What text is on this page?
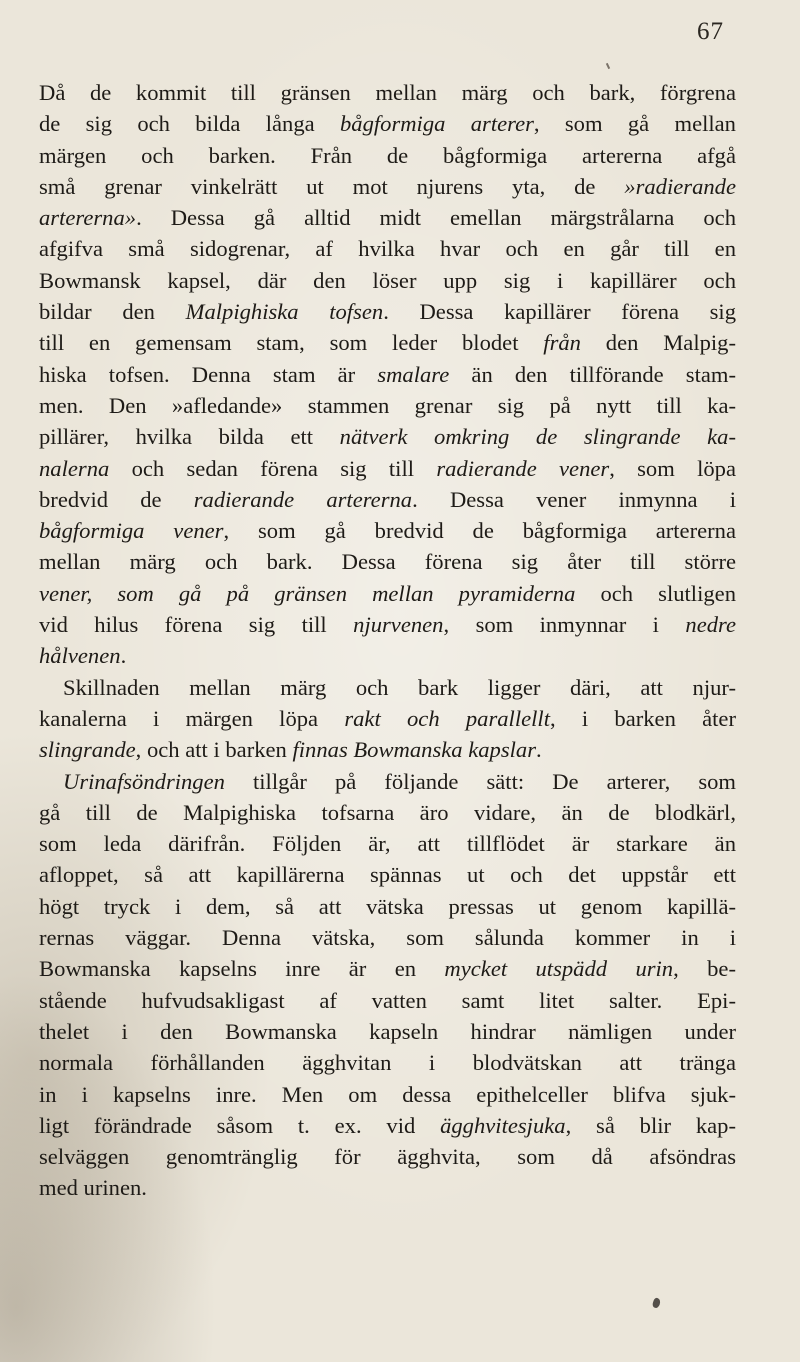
67
Då de kommit till gränsen mellan märg och bark, förgrena
de sig och bilda långa bågformiga arterer, som gå mellan
märgen och barken. Från de bågformiga artererna afgå
små grenar vinkelrätt ut mot njurens yta, de »radierande
artererna». Dessa gå alltid midt emellan märgstrålarna och
afgifva små sidogrenar, af hvilka hvar och en går till en
Bowmansk kapsel, där den löser upp sig i kapillärer och
bildar den Malpighiska tofsen. Dessa kapillärer förena sig
till en gemensam stam, som leder blodet från den Malpig-
hiska tofsen. Denna stam är smalare än den tillförande stam-
men. Den »afledande» stammen grenar sig på nytt till ka-
pillärer, hvilka bilda ett nätverk omkring de slingrande ka-
nalerna och sedan förena sig till radierande vener, som löpa
bredvid de radierande artererna. Dessa vener inmynna i
bågformiga vener, som gå bredvid de bågformiga artererna
mellan märg och bark. Dessa förena sig åter till större
vener, som gå på gränsen mellan pyramiderna och slutligen
vid hilus förena sig till njurvenen, som inmynnar i nedre
hålvenen.
Skillnaden mellan märg och bark ligger däri, att njur-
kanalerna i märgen löpa rakt och parallellt, i barken åter
slingrande, och att i barken finnas Bowmanska kapslar.
Urinafsöndringen tillgår på följande sätt: De arterer, som
gå till de Malpighiska tofsarna äro vidare, än de blodkärl,
som leda därifrån. Följden är, att tillflödet är starkare än
afloppet, så att kapillärerna spännas ut och det uppstår ett
högt tryck i dem, så att vätska pressas ut genom kapillä-
rernas väggar. Denna vätska, som sålunda kommer in i
Bowmanska kapselns inre är en mycket utspädd urin, be-
stående hufvudsakligast af vatten samt litet salter. Epi-
thelet i den Bowmanska kapseln hindrar nämligen under
normala förhållanden ägghvitan i blodvätskan att tränga
in i kapselns inre. Men om dessa epithelceller blifva sjuk-
ligt förändrade såsom t. ex. vid ägghvitesjuka, så blir kap-
selväggen genomtränglig för ägghvita, som då afsöndras
med urinen.
